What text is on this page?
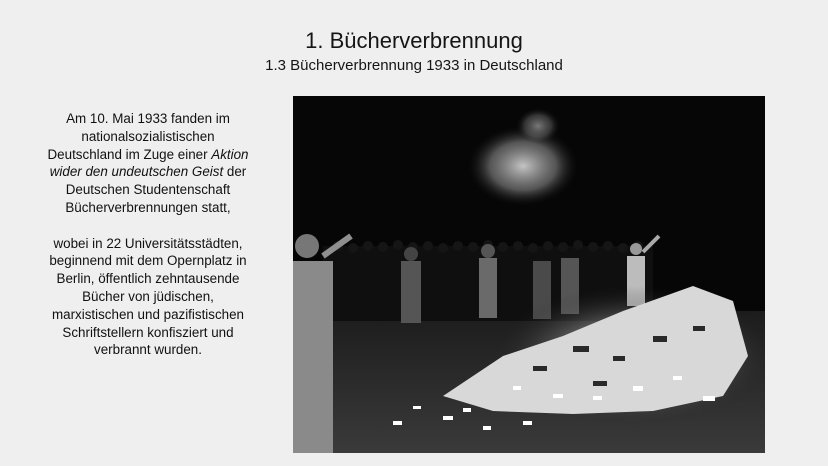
1. Bücherverbrennung
1.3 Bücherverbrennung 1933 in Deutschland

Am 10. Mai 1933 fanden im nationalsozialistischen Deutschland im Zuge einer Aktion wider den undeutschen Geist der Deutschen Studentenschaft Bücherverbrennungen statt,

wobei in 22 Universitätsstädten, beginnend mit dem Opernplatz in Berlin, öffentlich zehntausende Bücher von jüdischen, marxistischen und pazifistischen Schriftstellern konfisziert und verbrannt wurden.
